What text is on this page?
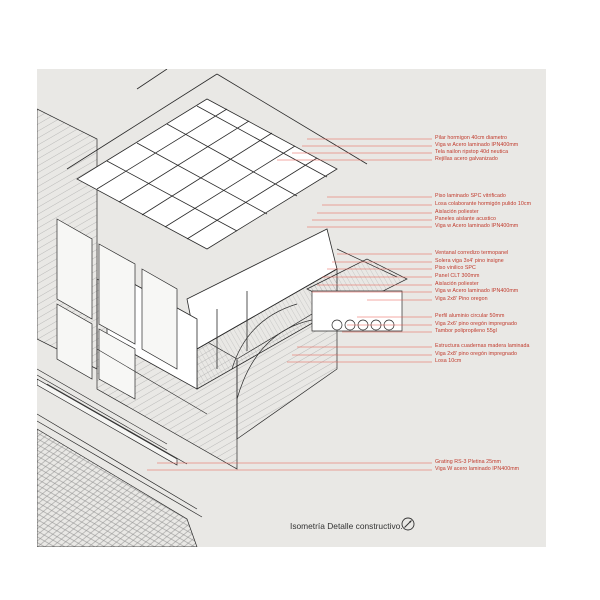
Pilar hormigon 40cm diametro
Viga w Acero laminado IPN400mm
Tela nailon ripstop 40d neutica
Rejillas acero galvanizado
Piso laminado SPC vitrificado
Losa colaborante hormigón pulido 10cm
Aislación poliester
Paneles aislante acustico
Viga w Acero laminado IPN400mm
Ventanal corredizo termopanel
Solera viga 3x4' pino insigne
Piso vinilico SPC
Panel CLT 300mm
Aislación poliester
Viga w Acero laminado IPN400mm
Viga 2x8' Pino oregon
Perfil aluminio circular 50mm
Viga 2x6' pino oregón impregnado
Tambor polipropileno 55gl
Estructura cuadernas madera laminada
Viga 2x8' pino oregón impregnado
Losa 10cm
Grating RS-3 Pletina 25mm
Viga W acero laminado IPN400mm
Isometría Detalle constructivo.
